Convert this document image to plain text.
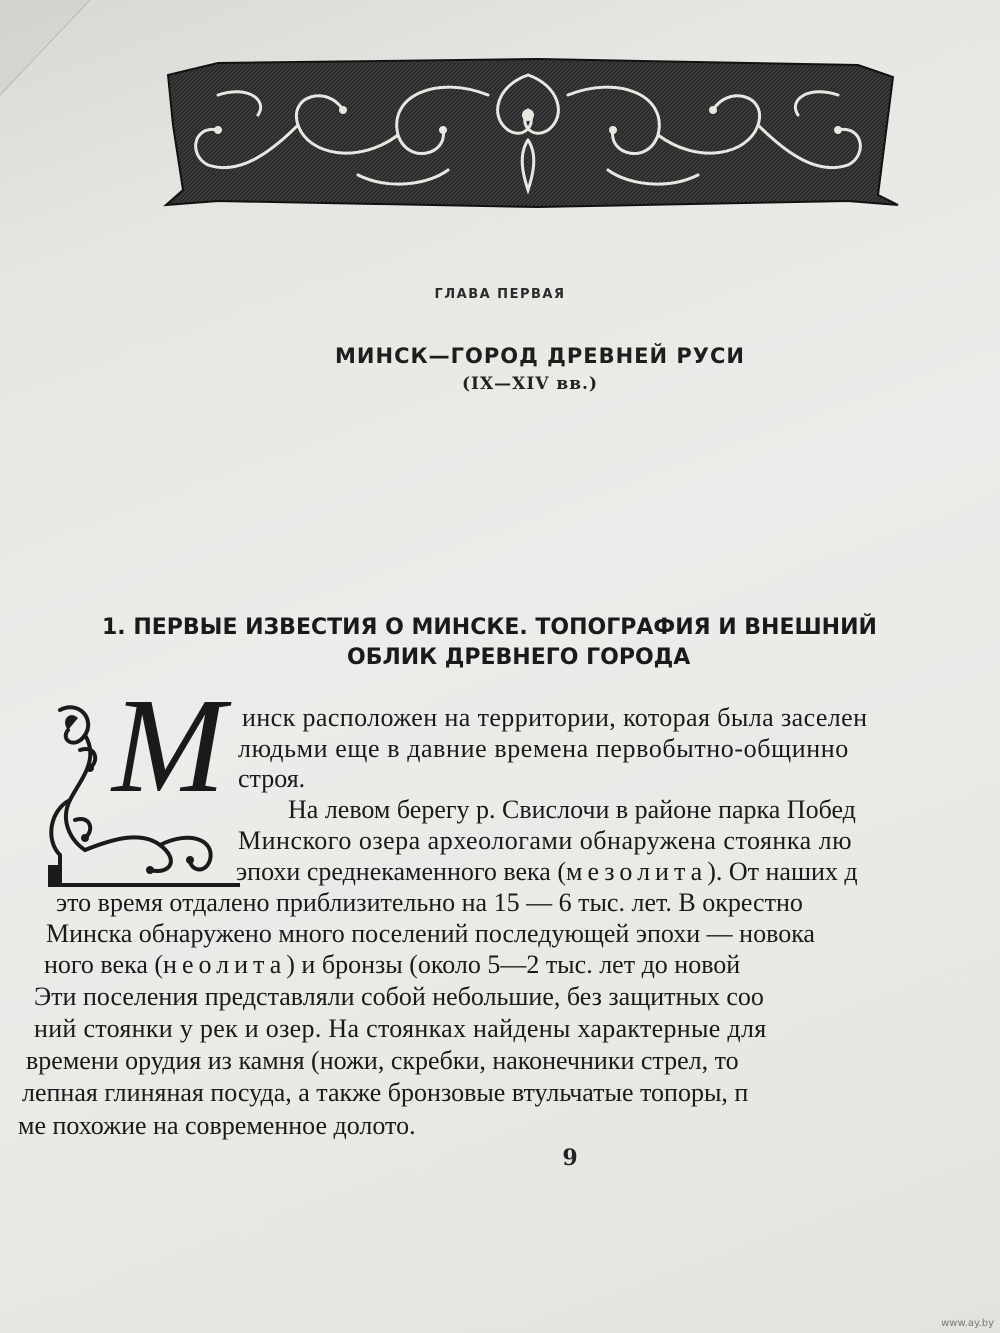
ГЛАВА ПЕРВАЯ
МИНСК—ГОРОД ДРЕВНЕЙ РУСИ
(IX—XIV вв.)
1. ПЕРВЫЕ ИЗВЕСТИЯ О МИНСКЕ. ТОПОГРАФИЯ И ВНЕШНИЙ
ОБЛИК ДРЕВНЕГО ГОРОДА
М инск расположен на территории, которая была заселен
людьми еще в давние времена первобытно-общинно
строя.
На левом берегу р. Свислочи в районе парка Побед
Минского озера археологами обнаружена стоянка лю
эпохи среднекаменного века (мезолита). От наших д
это время отдалено приблизительно на 15 — 6 тыс. лет. В окрестно
Минска обнаружено много поселений последующей эпохи — новока
ного века (неолита) и бронзы (около 5—2 тыс. лет до новой
Эти поселения представляли собой небольшие, без защитных соо
ний стоянки у рек и озер. На стоянках найдены характерные для
времени орудия из камня (ножи, скребки, наконечники стрел, то
лепная глиняная посуда, а также бронзовые втульчатые топоры, п
ме похожие на современное долото.
9
www.ay.by
